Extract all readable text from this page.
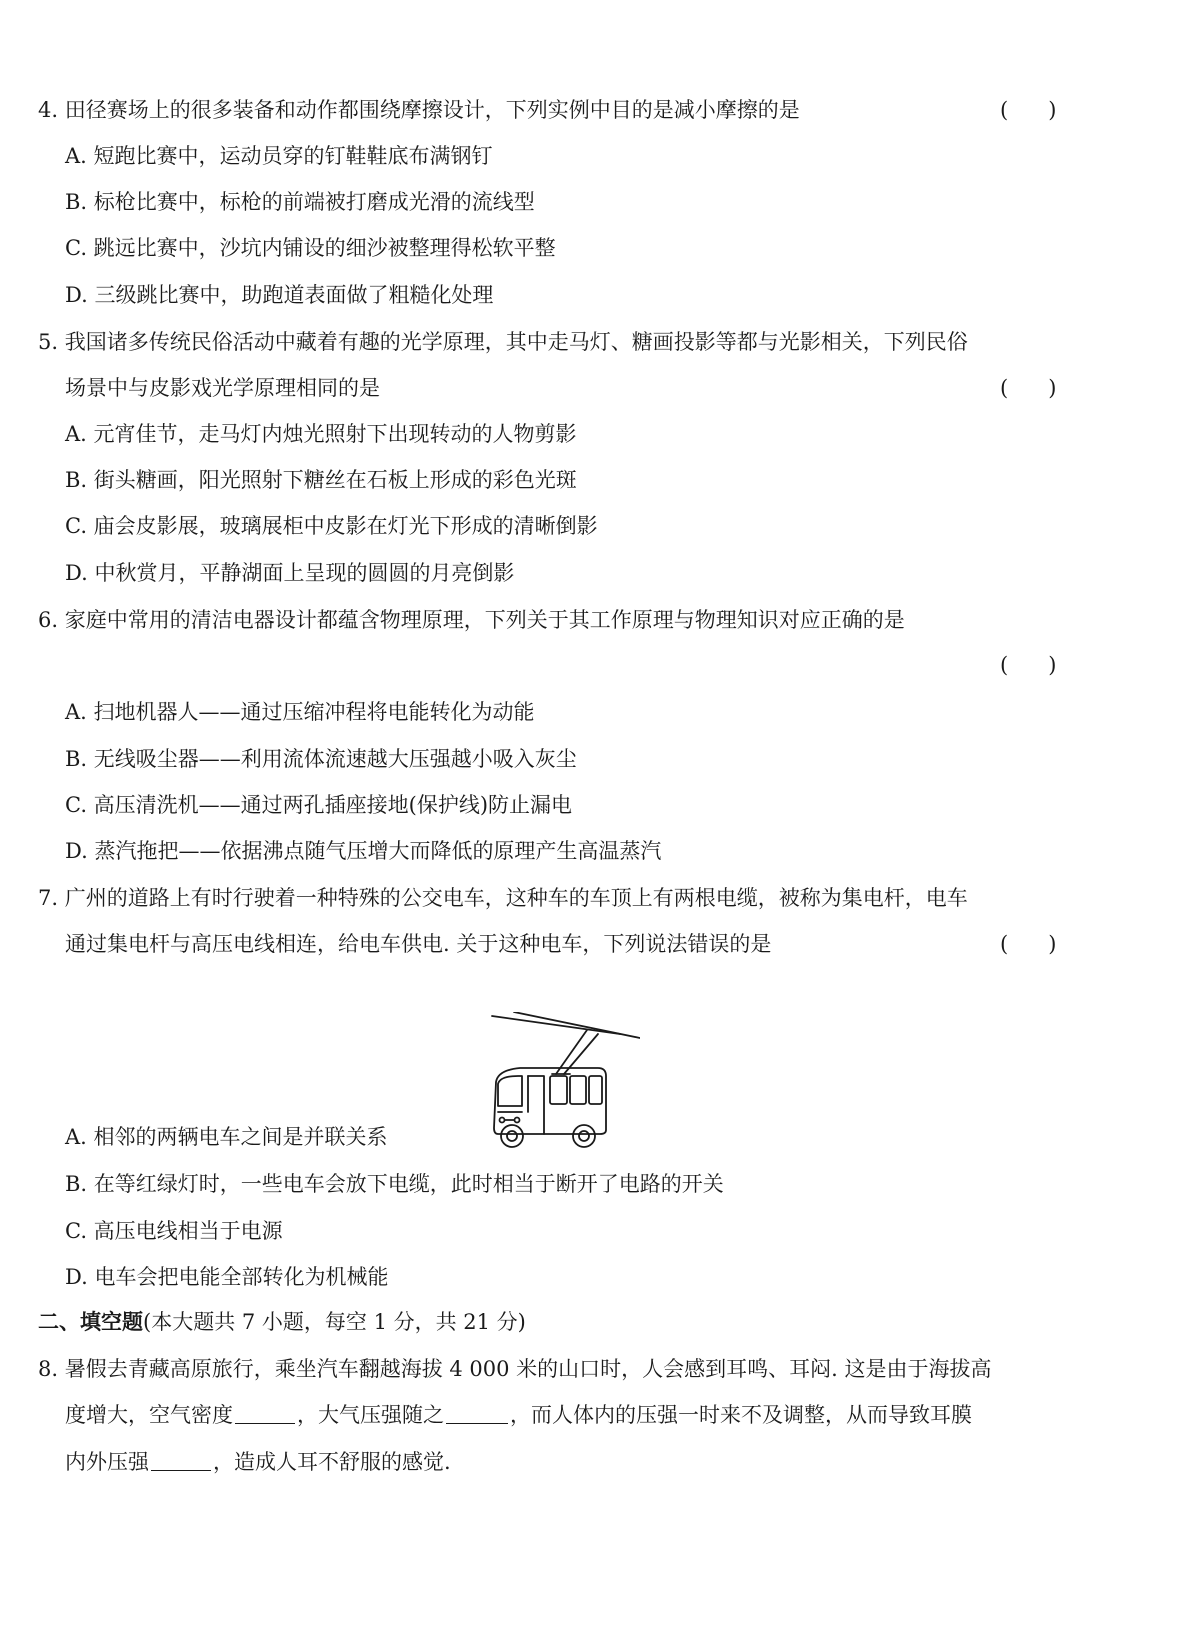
4. 田径赛场上的很多装备和动作都围绕摩擦设计，下列实例中目的是减小摩擦的是	(      )
A. 短跑比赛中，运动员穿的钉鞋鞋底布满钢钉
B. 标枪比赛中，标枪的前端被打磨成光滑的流线型
C. 跳远比赛中，沙坑内铺设的细沙被整理得松软平整
D. 三级跳比赛中，助跑道表面做了粗糙化处理
5. 我国诸多传统民俗活动中藏着有趣的光学原理，其中走马灯、糖画投影等都与光影相关，下列民俗
场景中与皮影戏光学原理相同的是	(      )
A. 元宵佳节，走马灯内烛光照射下出现转动的人物剪影
B. 街头糖画，阳光照射下糖丝在石板上形成的彩色光斑
C. 庙会皮影展，玻璃展柜中皮影在灯光下形成的清晰倒影
D. 中秋赏月，平静湖面上呈现的圆圆的月亮倒影
6. 家庭中常用的清洁电器设计都蕴含物理原理，下列关于其工作原理与物理知识对应正确的是
(      )
A. 扫地机器人——通过压缩冲程将电能转化为动能
B. 无线吸尘器——利用流体流速越大压强越小吸入灰尘
C. 高压清洗机——通过两孔插座接地(保护线)防止漏电
D. 蒸汽拖把——依据沸点随气压增大而降低的原理产生高温蒸汽
7. 广州的道路上有时行驶着一种特殊的公交电车，这种车的车顶上有两根电缆，被称为集电杆，电车
通过集电杆与高压电线相连，给电车供电. 关于这种电车，下列说法错误的是	(      )
A. 相邻的两辆电车之间是并联关系
B. 在等红绿灯时，一些电车会放下电缆，此时相当于断开了电路的开关
C. 高压电线相当于电源
D. 电车会把电能全部转化为机械能
二、填空题(本大题共 7 小题，每空 1 分，共 21 分)
8. 暑假去青藏高原旅行，乘坐汽车翻越海拔 4 000 米的山口时，人会感到耳鸣、耳闷. 这是由于海拔高
度增大，空气密度	，大气压强随之	，而人体内的压强一时来不及调整，从而导致耳膜
内外压强	，造成人耳不舒服的感觉.
